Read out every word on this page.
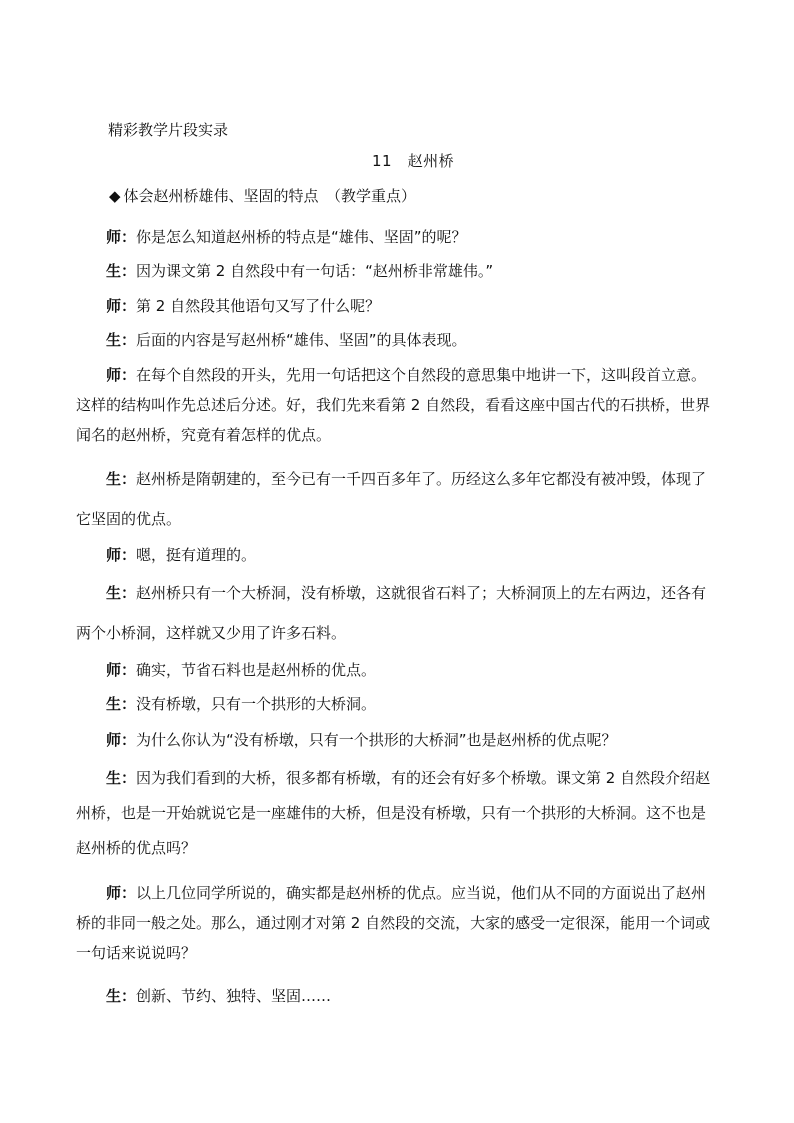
精彩教学片段实录
11　赵州桥
◆ 体会赵州桥雄伟、坚固的特点　（教学重点）
师：你是怎么知道赵州桥的特点是“雄伟、坚固”的呢？
生：因为课文第 2 自然段中有一句话：“赵州桥非常雄伟。”
师：第 2 自然段其他语句又写了什么呢？
生：后面的内容是写赵州桥“雄伟、坚固”的具体表现。
师：在每个自然段的开头，先用一句话把这个自然段的意思集中地讲一下，这叫段首立意。这样的结构叫作先总述后分述。好，我们先来看第 2 自然段，看看这座中国古代的石拱桥，世界闻名的赵州桥，究竟有着怎样的优点。
生：赵州桥是隋朝建的，至今已有一千四百多年了。历经这么多年它都没有被冲毁，体现了它坚固的优点。
师：嗯，挺有道理的。
生：赵州桥只有一个大桥洞，没有桥墩，这就很省石料了；大桥洞顶上的左右两边，还各有两个小桥洞，这样就又少用了许多石料。
师：确实，节省石料也是赵州桥的优点。
生：没有桥墩，只有一个拱形的大桥洞。
师：为什么你认为“没有桥墩，只有一个拱形的大桥洞”也是赵州桥的优点呢？
生：因为我们看到的大桥，很多都有桥墩，有的还会有好多个桥墩。课文第 2 自然段介绍赵州桥，也是一开始就说它是一座雄伟的大桥，但是没有桥墩，只有一个拱形的大桥洞。这不也是赵州桥的优点吗？
师：以上几位同学所说的，确实都是赵州桥的优点。应当说，他们从不同的方面说出了赵州桥的非同一般之处。那么，通过刚才对第 2 自然段的交流，大家的感受一定很深，能用一个词或一句话来说说吗？
生：创新、节约、独特、坚固……
